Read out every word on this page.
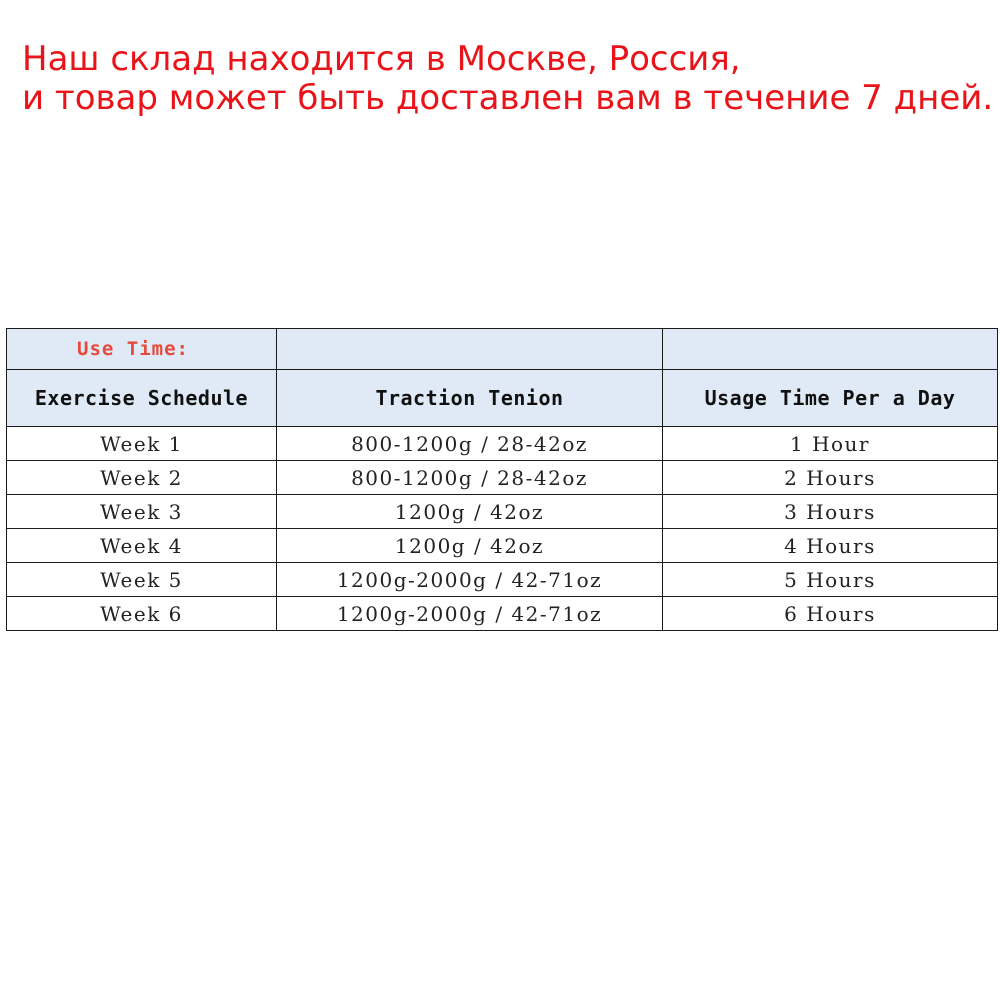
Наш склад находится в Москве, Россия,
и товар может быть доставлен вам в течение 7 дней.
Use Time:		
Exercise Schedule	Traction Tenion	Usage Time Per a Day
Week 1	800-1200g / 28-42oz	1 Hour
Week 2	800-1200g / 28-42oz	2 Hours
Week 3	1200g / 42oz	3 Hours
Week 4	1200g / 42oz	4 Hours
Week 5	1200g-2000g / 42-71oz	5 Hours
Week 6	1200g-2000g / 42-71oz	6 Hours
